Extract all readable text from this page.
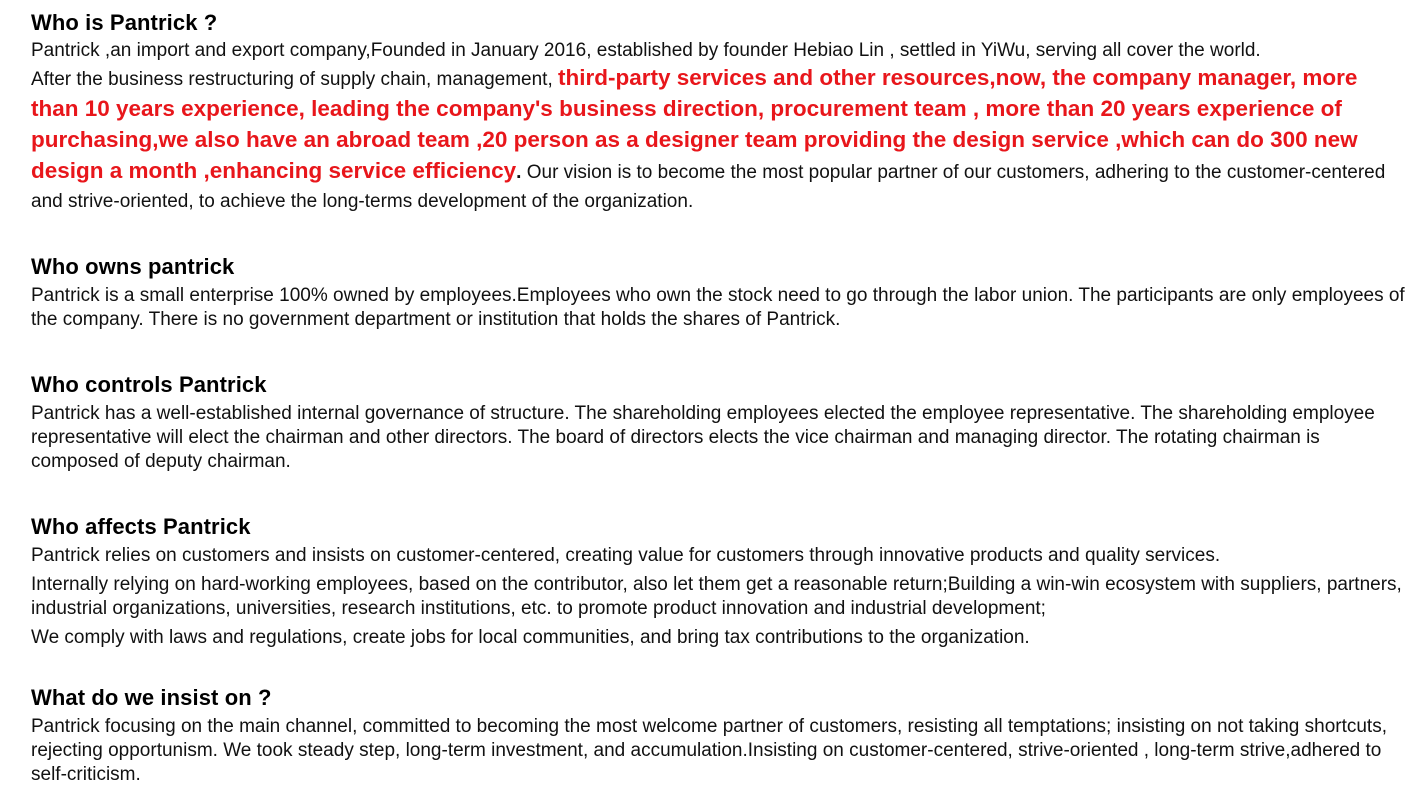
Who is Pantrick ?

Pantrick ,an import and export company,Founded in January 2016, established by founder Hebiao Lin , settled in YiWu, serving all cover the world.

After the business restructuring of supply chain, management, third-party services and other resources,now, the company manager, more than 10 years experience, leading the company's business direction, procurement team , more than 20 years experience of purchasing,we also have an abroad team ,20 person as a designer team providing the design service ,which can do 300 new design a month ,enhancing service efficiency. Our vision is to become the most popular partner of our customers, adhering to the customer-centered and strive-oriented, to achieve the long-terms development of the organization.

Who owns pantrick

Pantrick is a small enterprise 100% owned by employees.Employees who own the stock need to go through the labor union. The participants are only employees of the company. There is no government department or institution that holds the shares of Pantrick.

Who controls Pantrick

Pantrick has a well-established internal governance of structure. The shareholding employees elected the employee representative. The shareholding employee representative will elect the chairman and other directors. The board of directors elects the vice chairman and managing director. The rotating chairman is composed of deputy chairman.

Who affects Pantrick

Pantrick relies on customers and insists on customer-centered, creating value for customers through innovative products and quality services.

Internally relying on hard-working employees, based on the contributor, also let them get a reasonable return;Building a win-win ecosystem with suppliers, partners, industrial organizations, universities, research institutions, etc. to promote product innovation and industrial development;

We comply with laws and regulations, create jobs for local communities, and bring tax contributions to the organization.

What do we insist on ?

Pantrick focusing on the main channel, committed to becoming the most welcome partner of customers, resisting all temptations; insisting on not taking shortcuts, rejecting opportunism. We took steady step, long-term investment, and accumulation.Insisting on customer-centered, strive-oriented , long-term strive,adhered to self-criticism.
